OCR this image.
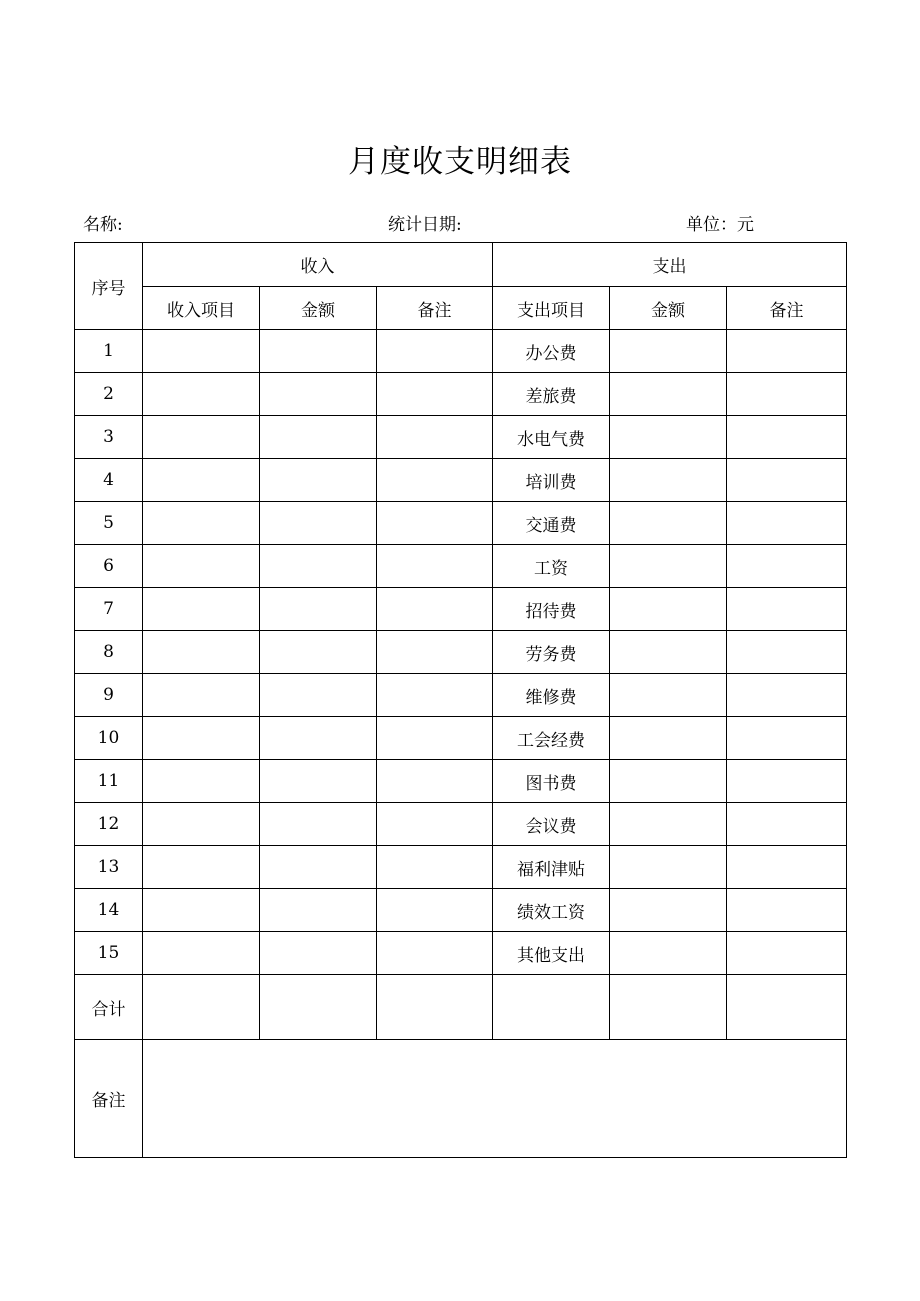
月度收支明细表
名称:	统计日期:	单位：元
序号	收入			支出		
	收入项目	金额	备注	支出项目	金额	备注
1				办公费		
2				差旅费		
3				水电气费		
4				培训费		
5				交通费		
6				工资		
7				招待费		
8				劳务费		
9				维修费		
10				工会经费		
11				图书费		
12				会议费		
13				福利津贴		
14				绩效工资		
15				其他支出		
合计						
备注						
